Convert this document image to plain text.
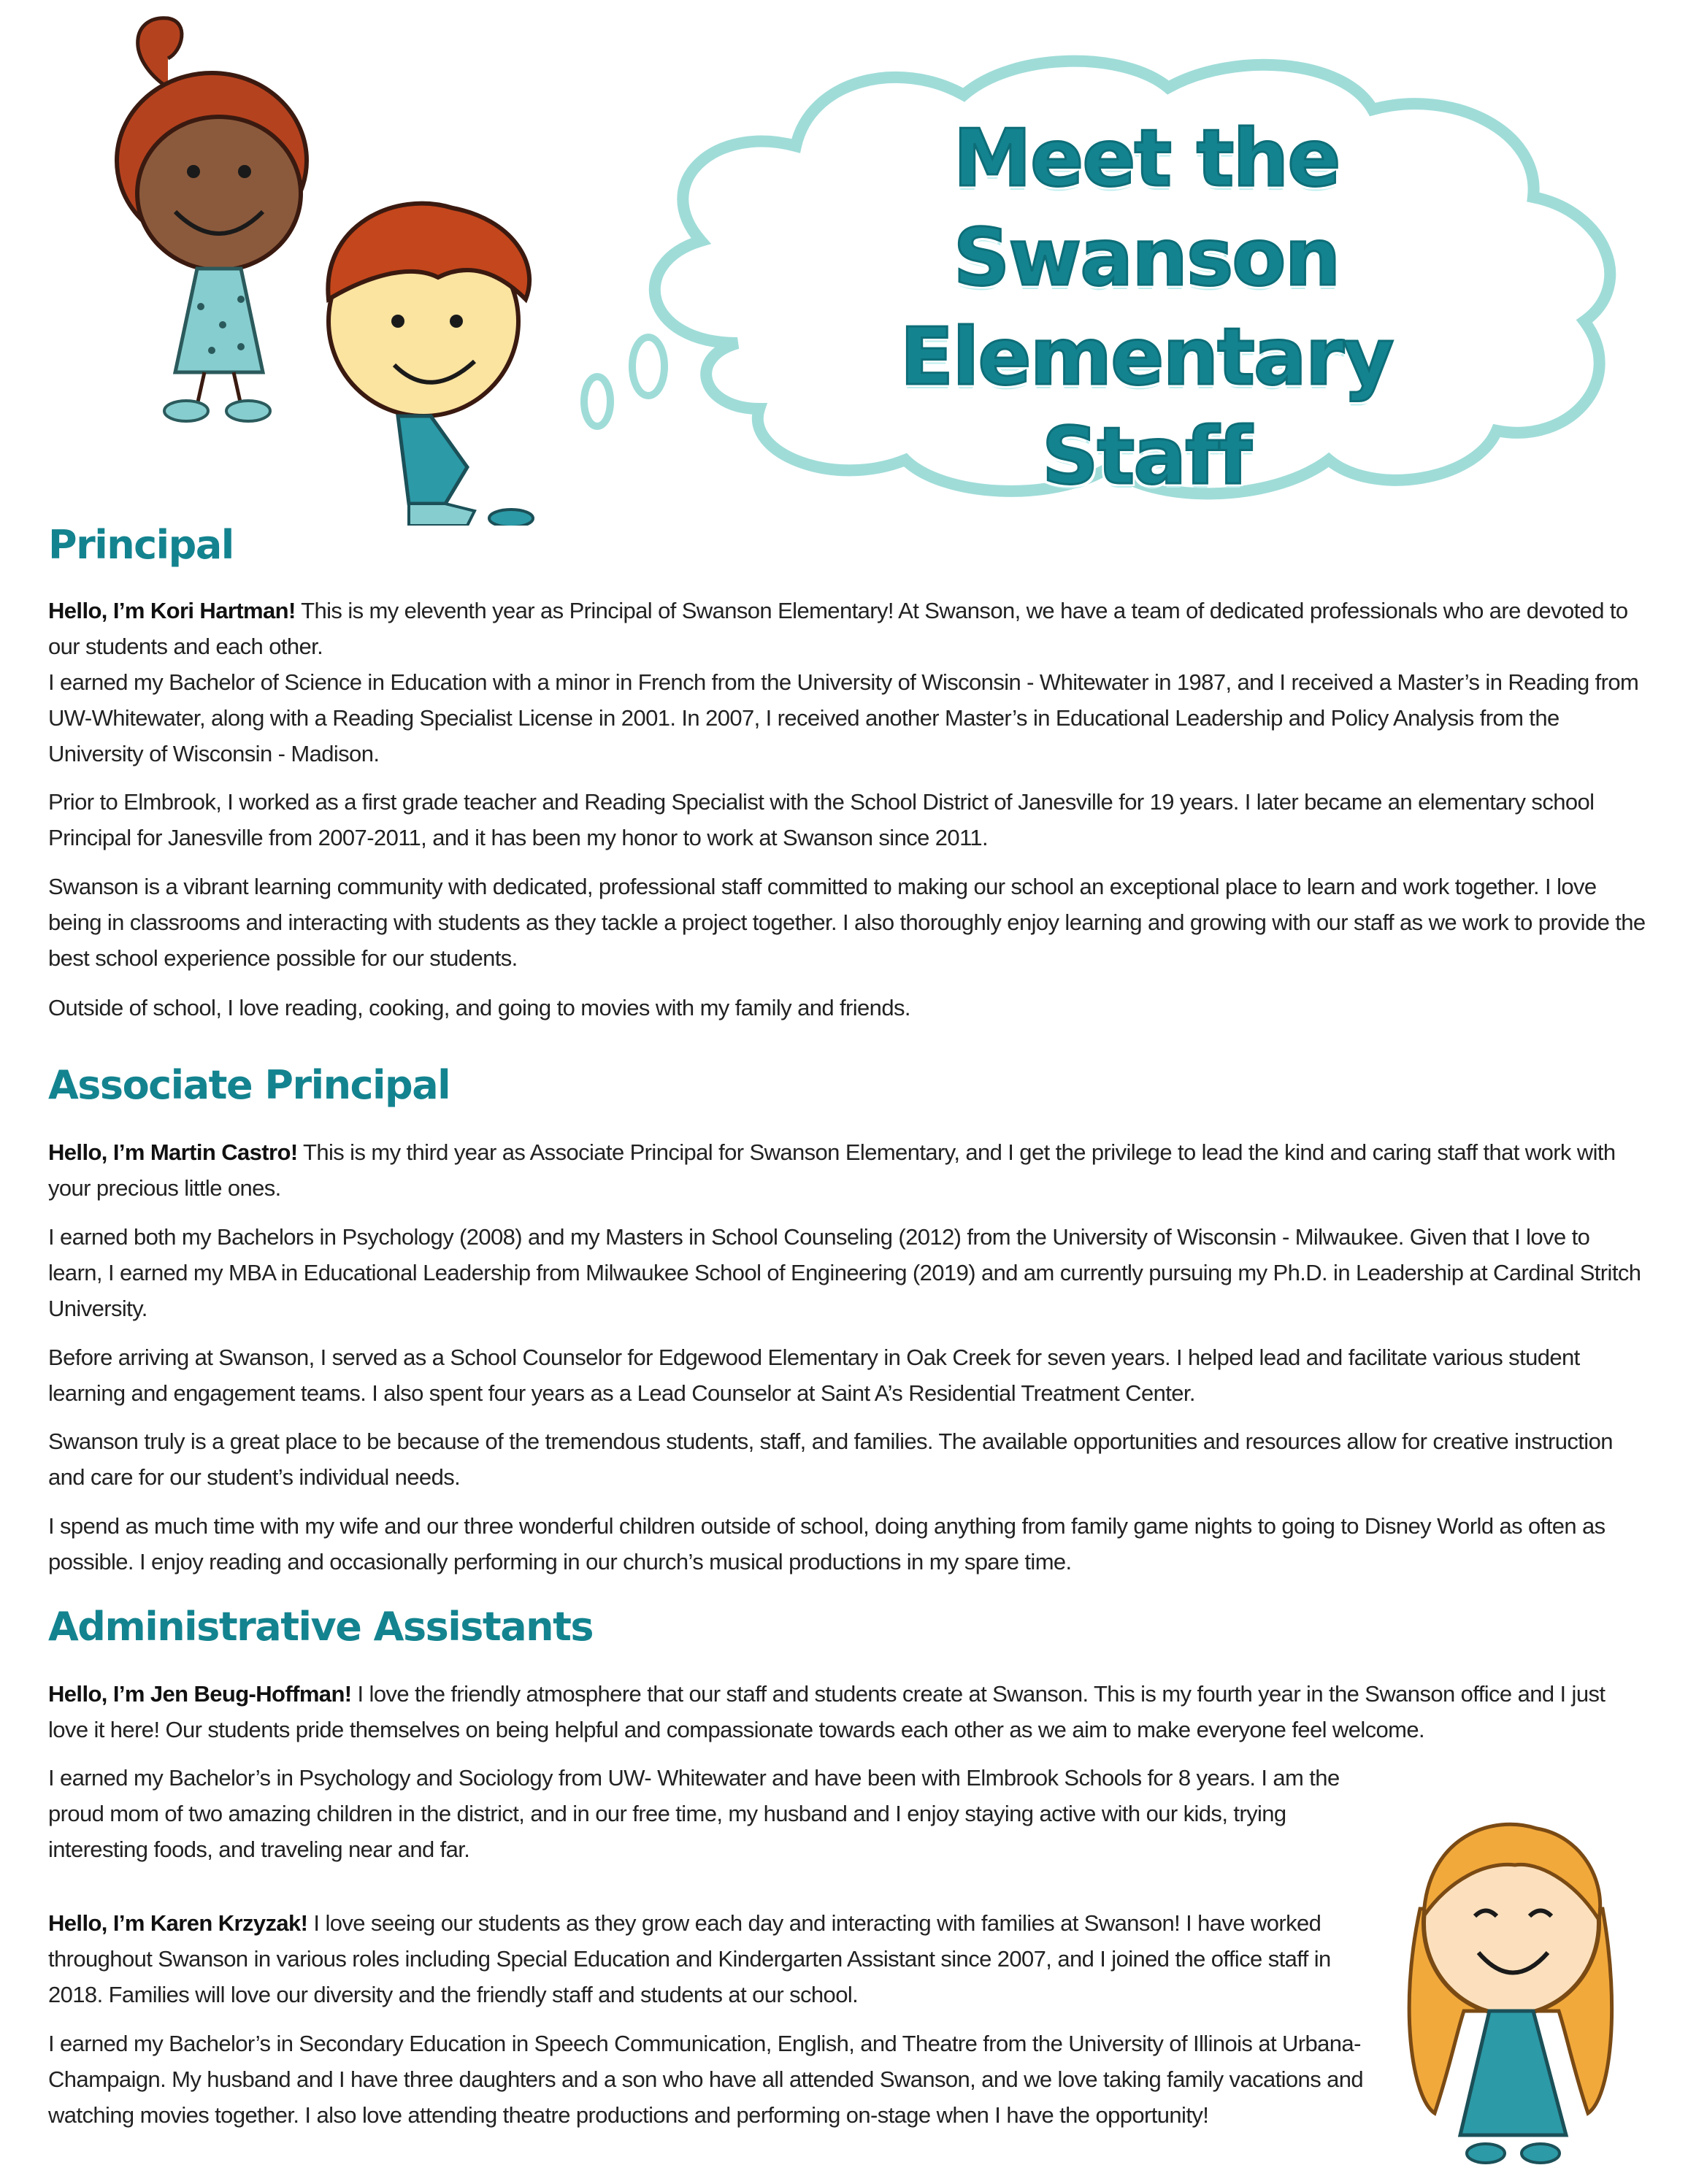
Meet the
Swanson Elementary
Staff
Principal

Hello, I’m Kori Hartman! This is my eleventh year as Principal of Swanson Elementary! At Swanson, we have a team of dedicated professionals who are devoted to our students and each other.

I earned my Bachelor of Science in Education with a minor in French from the University of Wisconsin - Whitewater in 1987, and I received a Master’s in Reading from UW-Whitewater, along with a Reading Specialist License in 2001. In 2007, I received another Master’s in Educational Leadership and Policy Analysis from the University of Wisconsin - Madison.

Prior to Elmbrook, I worked as a first grade teacher and Reading Specialist with the School District of Janesville for 19 years. I later became an elementary school Principal for Janesville from 2007-2011, and it has been my honor to work at Swanson since 2011.

Swanson is a vibrant learning community with dedicated, professional staff committed to making our school an exceptional place to learn and work together. I love being in classrooms and interacting with students as they tackle a project together. I also thoroughly enjoy learning and growing with our staff as we work to provide the best school experience possible for our students.

Outside of school, I love reading, cooking, and going to movies with my family and friends.

Associate Principal

Hello, I’m Martin Castro! This is my third year as Associate Principal for Swanson Elementary, and I get the privilege to lead the kind and caring staff that work with your precious little ones.

I earned both my Bachelors in Psychology (2008) and my Masters in School Counseling (2012) from the University of Wisconsin - Milwaukee. Given that I love to learn, I earned my MBA in Educational Leadership from Milwaukee School of Engineering (2019) and am currently pursuing my Ph.D. in Leadership at Cardinal Stritch University.

Before arriving at Swanson, I served as a School Counselor for Edgewood Elementary in Oak Creek for seven years. I helped lead and facilitate various student learning and engagement teams. I also spent four years as a Lead Counselor at Saint A’s Residential Treatment Center.

Swanson truly is a great place to be because of the tremendous students, staff, and families. The available opportunities and resources allow for creative instruction and care for our student’s individual needs.

I spend as much time with my wife and our three wonderful children outside of school, doing anything from family game nights to going to Disney World as often as possible. I enjoy reading and occasionally performing in our church’s musical productions in my spare time.

Administrative Assistants

Hello, I’m Jen Beug-Hoffman! I love the friendly atmosphere that our staff and students create at Swanson. This is my fourth year in the Swanson office and I just love it here! Our students pride themselves on being helpful and compassionate towards each other as we aim to make everyone feel welcome.

I earned my Bachelor’s in Psychology and Sociology from UW- Whitewater and have been with Elmbrook Schools for 8 years. I am the proud mom of two amazing children in the district, and in our free time, my husband and I enjoy staying active with our kids, trying interesting foods, and traveling near and far.

Hello, I’m Karen Krzyzak! I love seeing our students as they grow each day and interacting with families at Swanson! I have worked throughout Swanson in various roles including Special Education and Kindergarten Assistant since 2007, and I joined the office staff in 2018. Families will love our diversity and the friendly staff and students at our school.

I earned my Bachelor’s in Secondary Education in Speech Communication, English, and Theatre from the University of Illinois at Urbana-Champaign. My husband and I have three daughters and a son who have all attended Swanson, and we love taking family vacations and watching movies together. I also love attending theatre productions and performing on-stage when I have the opportunity!
